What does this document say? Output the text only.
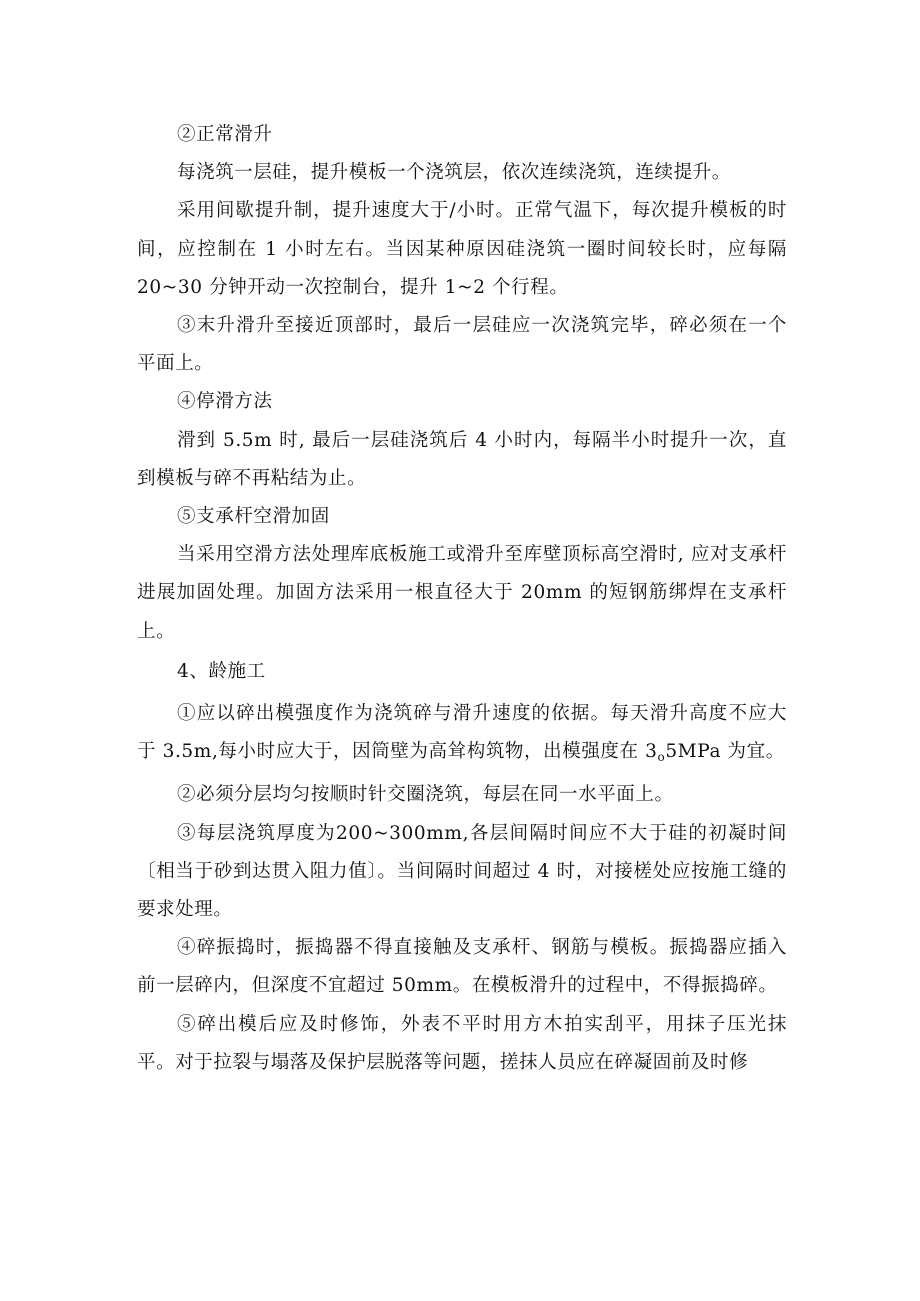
②正常滑升

每浇筑一层硅，提升模板一个浇筑层，依次连续浇筑，连续提升。

采用间歇提升制，提升速度大于/小时。正常气温下，每次提升模板的时间，应控制在 1 小时左右。当因某种原因硅浇筑一圈时间较长时，应每隔 20~30 分钟开动一次控制台，提升 1~2 个行程。

③末升滑升至接近顶部时，最后一层硅应一次浇筑完毕，碎必须在一个平面上。

④停滑方法

滑到 5.5m 时, 最后一层硅浇筑后 4 小时内，每隔半小时提升一次，直到模板与碎不再粘结为止。

⑤支承杆空滑加固

当采用空滑方法处理库底板施工或滑升至库壁顶标高空滑时, 应对支承杆进展加固处理。加固方法采用一根直径大于 20mm 的短钢筋绑焊在支承杆上。

4、龄施工

①应以碎出模强度作为浇筑碎与滑升速度的依据。每天滑升高度不应大于 3.5m,每小时应大于，因筒壁为高耸构筑物，出模强度在 $3_o5MPa$ 为宜。

②必须分层均匀按顺时针交圈浇筑，每层在同一水平面上。

③每层浇筑厚度为200~300mm,各层间隔时间应不大于硅的初凝时间〔相当于砂到达贯入阻力值〕。当间隔时间超过 4 时，对接槎处应按施工缝的要求处理。

④碎振捣时，振捣器不得直接触及支承杆、钢筋与模板。振捣器应插入前一层碎内，但深度不宜超过 50mm。在模板滑升的过程中，不得振捣碎。

⑤碎出模后应及时修饰，外表不平时用方木拍实刮平，用抹子压光抹平。对于拉裂与塌落及保护层脱落等问题，搓抹人员应在碎凝固前及时修
